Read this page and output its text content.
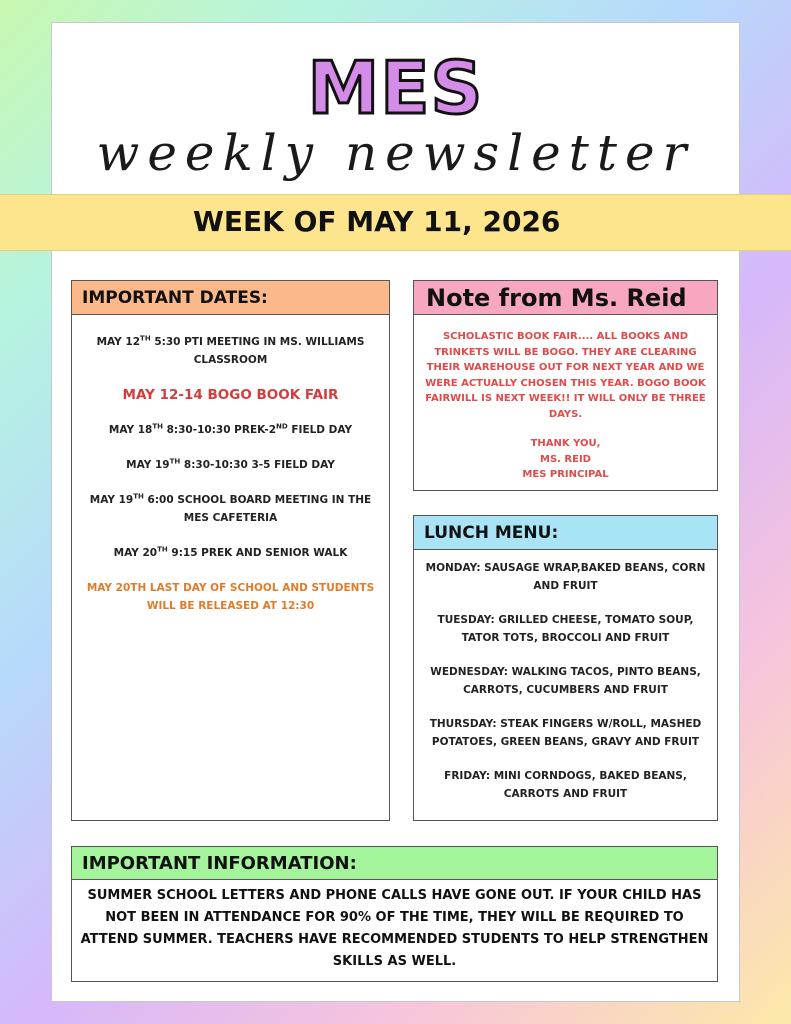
MES
weekly newsletter
WEEK OF MAY 11, 2026
IMPORTANT DATES:
MAY 12TH 5:30 PTI MEETING IN MS. WILLIAMS CLASSROOM
MAY 12-14 BOGO BOOK FAIR
MAY 18TH 8:30-10:30 PREK-2ND FIELD DAY
MAY 19TH 8:30-10:30 3-5 FIELD DAY
MAY 19TH 6:00 SCHOOL BOARD MEETING IN THE MES CAFETERIA
MAY 20TH 9:15 PREK AND SENIOR WALK
MAY 20TH LAST DAY OF SCHOOL AND STUDENTS WILL BE RELEASED AT 12:30
Note from Ms. Reid
SCHOLASTIC BOOK FAIR.... ALL BOOKS AND TRINKETS WILL BE BOGO. THEY ARE CLEARING THEIR WAREHOUSE OUT FOR NEXT YEAR AND WE WERE ACTUALLY CHOSEN THIS YEAR. BOGO BOOK FAIRWILL IS NEXT WEEK!! IT WILL ONLY BE THREE DAYS.
THANK YOU,
MS. REID
MES PRINCIPAL
LUNCH MENU:
MONDAY: SAUSAGE WRAP,BAKED BEANS, CORN AND FRUIT
TUESDAY: GRILLED CHEESE, TOMATO SOUP, TATOR TOTS, BROCCOLI AND FRUIT
WEDNESDAY: WALKING TACOS, PINTO BEANS, CARROTS, CUCUMBERS AND FRUIT
THURSDAY: STEAK FINGERS W/ROLL, MASHED POTATOES, GREEN BEANS, GRAVY AND FRUIT
FRIDAY: MINI CORNDOGS, BAKED BEANS, CARROTS AND FRUIT
IMPORTANT INFORMATION:
SUMMER SCHOOL LETTERS AND PHONE CALLS HAVE GONE OUT. IF YOUR CHILD HAS NOT BEEN IN ATTENDANCE FOR 90% OF THE TIME, THEY WILL BE REQUIRED TO ATTEND SUMMER. TEACHERS HAVE RECOMMENDED STUDENTS TO HELP STRENGTHEN SKILLS AS WELL.
